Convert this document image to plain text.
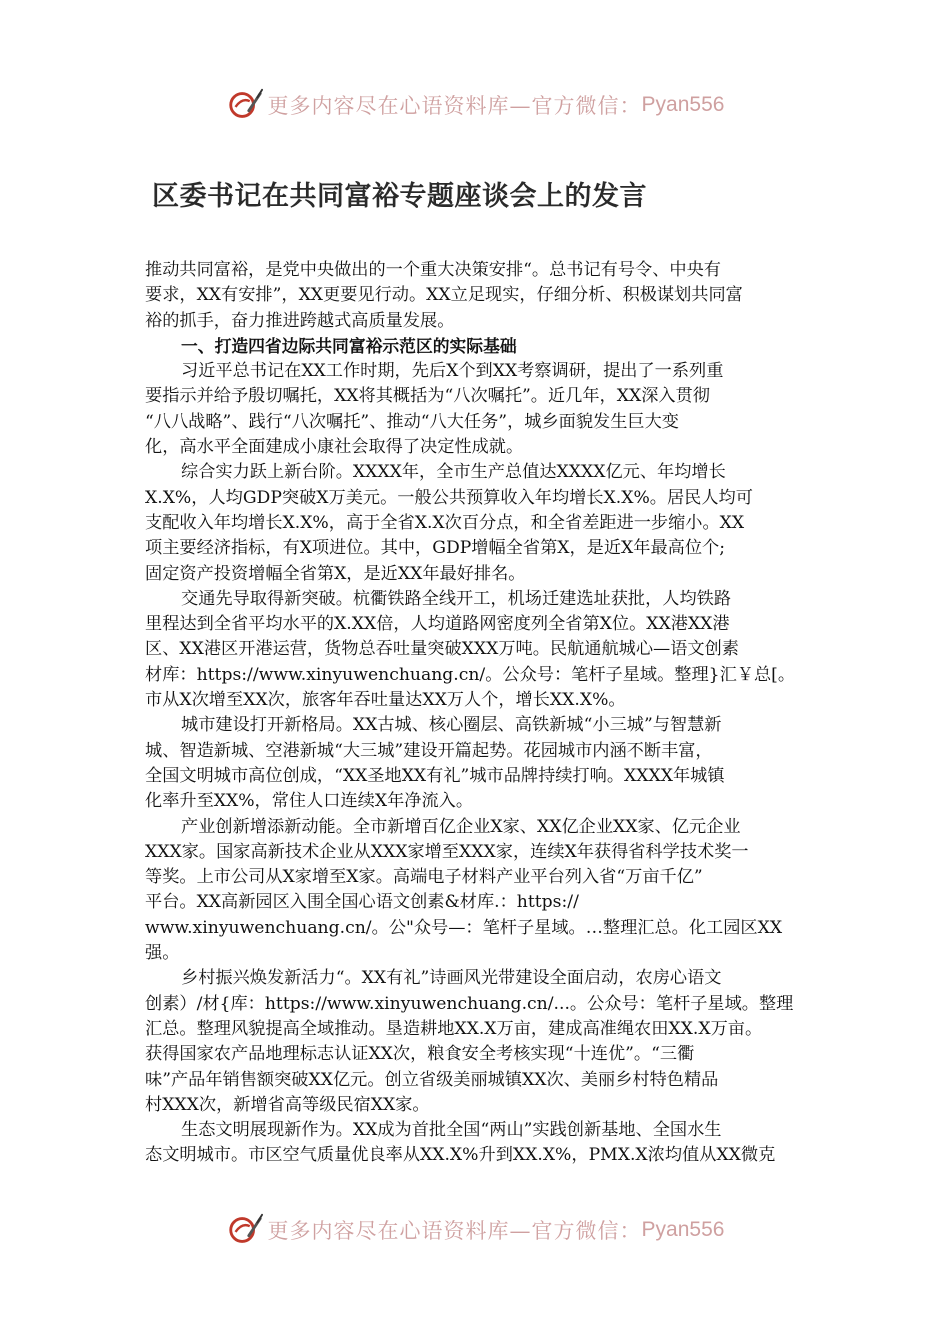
更多内容尽在心语资料库—官方微信： Pyan556
区委书记在共同富裕专题座谈会上的发言
推动共同富裕，是党中央做出的一个重大决策安排“。总书记有号令、中央有
要求，XX有安排”，XX更要见行动。XX立足现实，仔细分析、积极谋划共同富
裕的抓手，奋力推进跨越式高质量发展。
一、打造四省边际共同富裕示范区的实际基础
习近平总书记在XX工作时期，先后X个到XX考察调研，提出了一系列重
要指示并给予殷切嘱托，XX将其概括为“八次嘱托”。近几年，XX深入贯彻
“八八战略”、践行“八次嘱托”、推动“八大任务”，城乡面貌发生巨大变
化，高水平全面建成小康社会取得了决定性成就。
综合实力跃上新台阶。XXXX年，全市生产总值达XXXX亿元、年均增长
X.X%，人均GDP突破X万美元。一般公共预算收入年均增长X.X%。居民人均可
支配收入年均增长X.X%，高于全省X.X次百分点，和全省差距进一步缩小。XX
项主要经济指标，有X项进位。其中，GDP增幅全省第X，是近X年最高位个;
固定资产投资增幅全省第X，是近XX年最好排名。
交通先导取得新突破。杭衢铁路全线开工，机场迁建选址获批，人均铁路
里程达到全省平均水平的X.XX倍，人均道路网密度列全省第X位。XX港XX港
区、XX港区开港运营，货物总吞吐量突破XXX万吨。民航通航城心—语文创素
材库：https://www.xinyuwenchuang.cn/。公众号：笔杆子星域。整理}汇￥总[。
市从X次增至XX次，旅客年吞吐量达XX万人个，增长XX.X%。
城市建设打开新格局。XX古城、核心圈层、高铁新城“小三城”与智慧新
城、智造新城、空港新城“大三城”建设开篇起势。花园城市内涵不断丰富，
全国文明城市高位创成，“XX圣地XX有礼”城市品牌持续打响。XXXX年城镇
化率升至XX%，常住人口连续X年净流入。
产业创新增添新动能。全市新增百亿企业X家、XX亿企业XX家、亿元企业
XXX家。国家高新技术企业从XXX家增至XXX家，连续X年获得省科学技术奖一
等奖。上市公司从X家增至X家。高端电子材料产业平台列入省“万亩千亿”
平台。XX高新园区入围全国心语文创素&材库.：https://
www.xinyuwenchuang.cn/。公"众号—：笔杆子星域。…整理汇总。化工园区XX
强。
乡村振兴焕发新活力“。XX有礼”诗画风光带建设全面启动，农房心语文
创素）/材{库：https://www.xinyuwenchuang.cn/...。公众号：笔杆子星域。整理
汇总。整理风貌提高全域推动。垦造耕地XX.X万亩，建成高准绳农田XX.X万亩。
获得国家农产品地理标志认证XX次，粮食安全考核实现“十连优”。“三衢
味”产品年销售额突破XX亿元。创立省级美丽城镇XX次、美丽乡村特色精品
村XXX次，新增省高等级民宿XX家。
生态文明展现新作为。XX成为首批全国“两山”实践创新基地、全国水生
态文明城市。市区空气质量优良率从XX.X%升到XX.X%，PMX.X浓均值从XX微克
更多内容尽在心语资料库—官方微信： Pyan556
